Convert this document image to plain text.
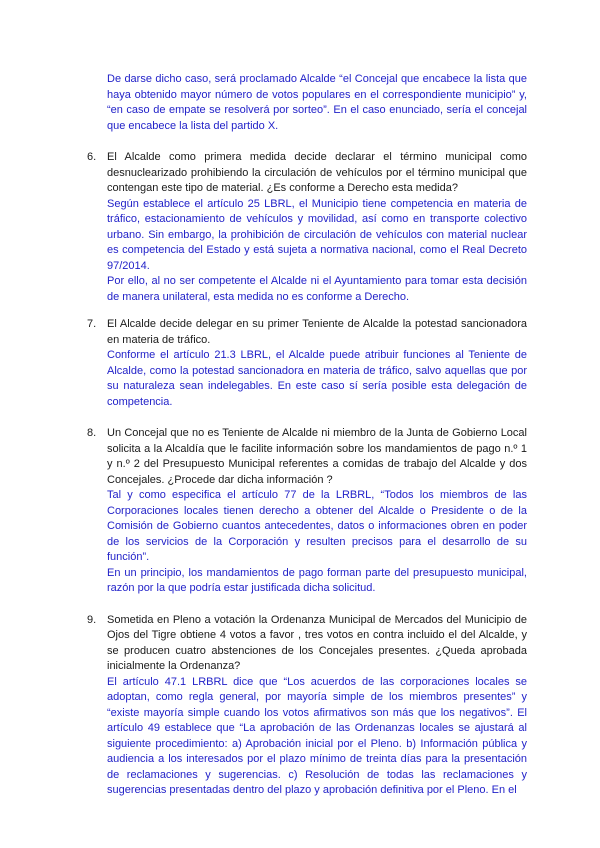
De darse dicho caso, será proclamado Alcalde “el Concejal que encabece la lista que haya obtenido mayor número de votos populares en el correspondiente municipio” y, “en caso de empate se resolverá por sorteo”. En el caso enunciado, sería el concejal que encabece la lista del partido X.

6. El Alcalde como primera medida decide declarar el término municipal como desnuclearizado prohibiendo la circulación de vehículos por el término municipal que contengan este tipo de material. ¿Es conforme a Derecho esta medida?

Según establece el artículo 25 LBRL, el Municipio tiene competencia en materia de tráfico, estacionamiento de vehículos y movilidad, así como en transporte colectivo urbano. Sin embargo, la prohibición de circulación de vehículos con material nuclear es competencia del Estado y está sujeta a normativa nacional, como el Real Decreto 97/2014.

Por ello, al no ser competente el Alcalde ni el Ayuntamiento para tomar esta decisión de manera unilateral, esta medida no es conforme a Derecho.

7. El Alcalde decide delegar en su primer Teniente de Alcalde la potestad sancionadora en materia de tráfico.

Conforme el artículo 21.3 LBRL, el Alcalde puede atribuir funciones al Teniente de Alcalde, como la potestad sancionadora en materia de tráfico, salvo aquellas que por su naturaleza sean indelegables. En este caso sí sería posible esta delegación de competencia.

8. Un Concejal que no es Teniente de Alcalde ni miembro de la Junta de Gobierno Local solicita a la Alcaldía que le facilite información sobre los mandamientos de pago n.º 1 y n.º 2 del Presupuesto Municipal referentes a comidas de trabajo del Alcalde y dos Concejales. ¿Procede dar dicha información ?

Tal y como especifica el artículo 77 de la LRBRL, “Todos los miembros de las Corporaciones locales tienen derecho a obtener del Alcalde o Presidente o de la Comisión de Gobierno cuantos antecedentes, datos o informaciones obren en poder de los servicios de la Corporación y resulten precisos para el desarrollo de su función”.

En un principio, los mandamientos de pago forman parte del presupuesto municipal, razón por la que podría estar justificada dicha solicitud.

9. Sometida en Pleno a votación la Ordenanza Municipal de Mercados del Municipio de Ojos del Tigre obtiene 4 votos a favor , tres votos en contra incluido el del Alcalde, y se producen cuatro abstenciones de los Concejales presentes. ¿Queda aprobada inicialmente la Ordenanza?

El artículo 47.1 LRBRL dice que “Los acuerdos de las corporaciones locales se adoptan, como regla general, por mayoría simple de los miembros presentes” y “existe mayoría simple cuando los votos afirmativos son más que los negativos”. El artículo 49 establece que “La aprobación de las Ordenanzas locales se ajustará al siguiente procedimiento: a) Aprobación inicial por el Pleno. b) Información pública y audiencia a los interesados por el plazo mínimo de treinta días para la presentación de reclamaciones y sugerencias. c) Resolución de todas las reclamaciones y sugerencias presentadas dentro del plazo y aprobación definitiva por el Pleno. En el
